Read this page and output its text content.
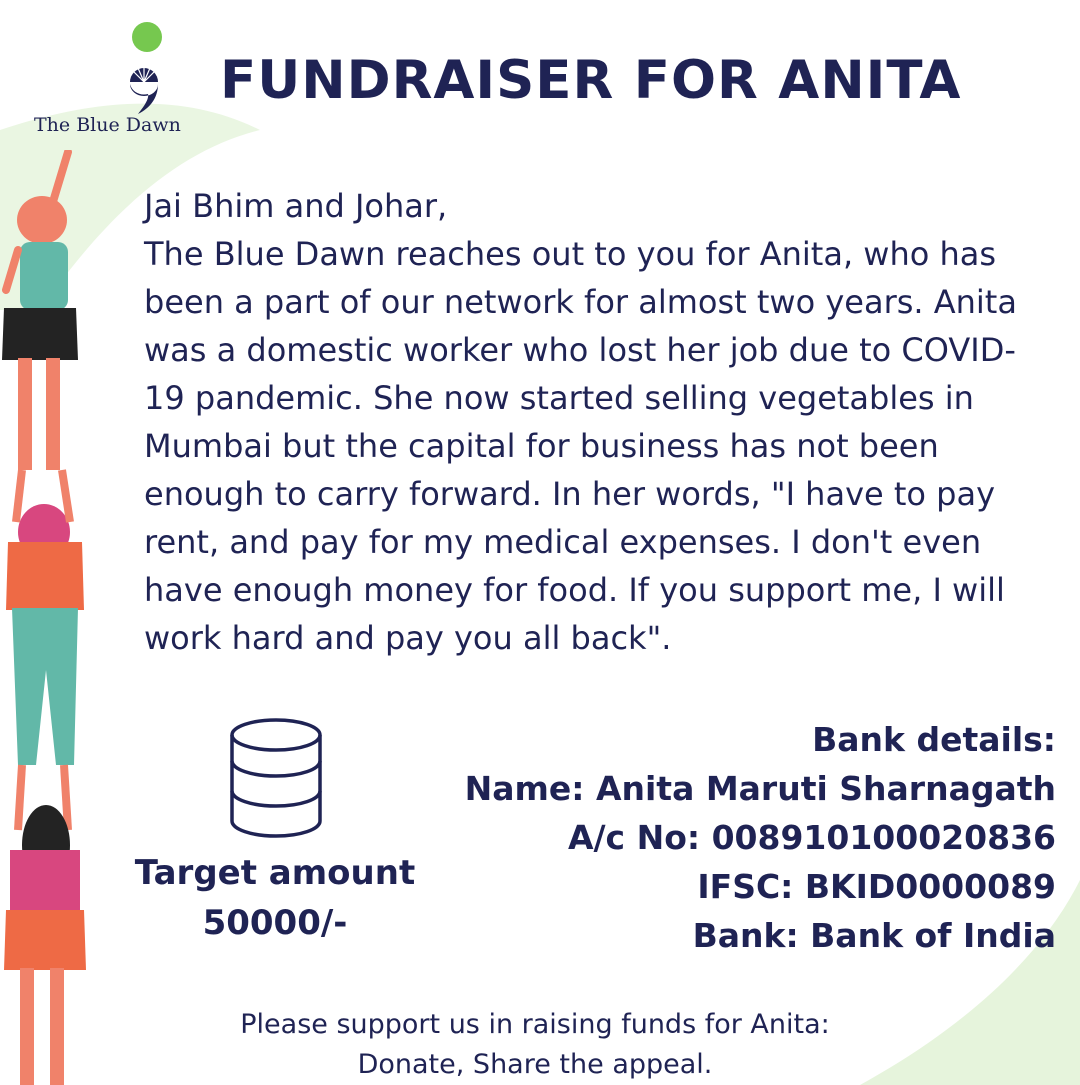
The Blue Dawn
FUNDRAISER FOR ANITA

Jai Bhim and Johar,

The Blue Dawn reaches out to you for Anita, who has been a part of our network for almost two years. Anita was a domestic worker who lost her job due to COVID-19 pandemic. She now started selling vegetables in Mumbai but the capital for business has not been enough to carry forward. In her words, "I have to pay rent, and pay for my medical expenses. I don't even have enough money for food. If you support me, I will work hard and pay you all back".

Target amount
50000/-
Bank details:
Name: Anita Maruti Sharnagath
A/c No: 008910100020836
IFSC: BKID0000089
Bank: Bank of India
Please support us in raising funds for Anita:
Donate, Share the appeal.
